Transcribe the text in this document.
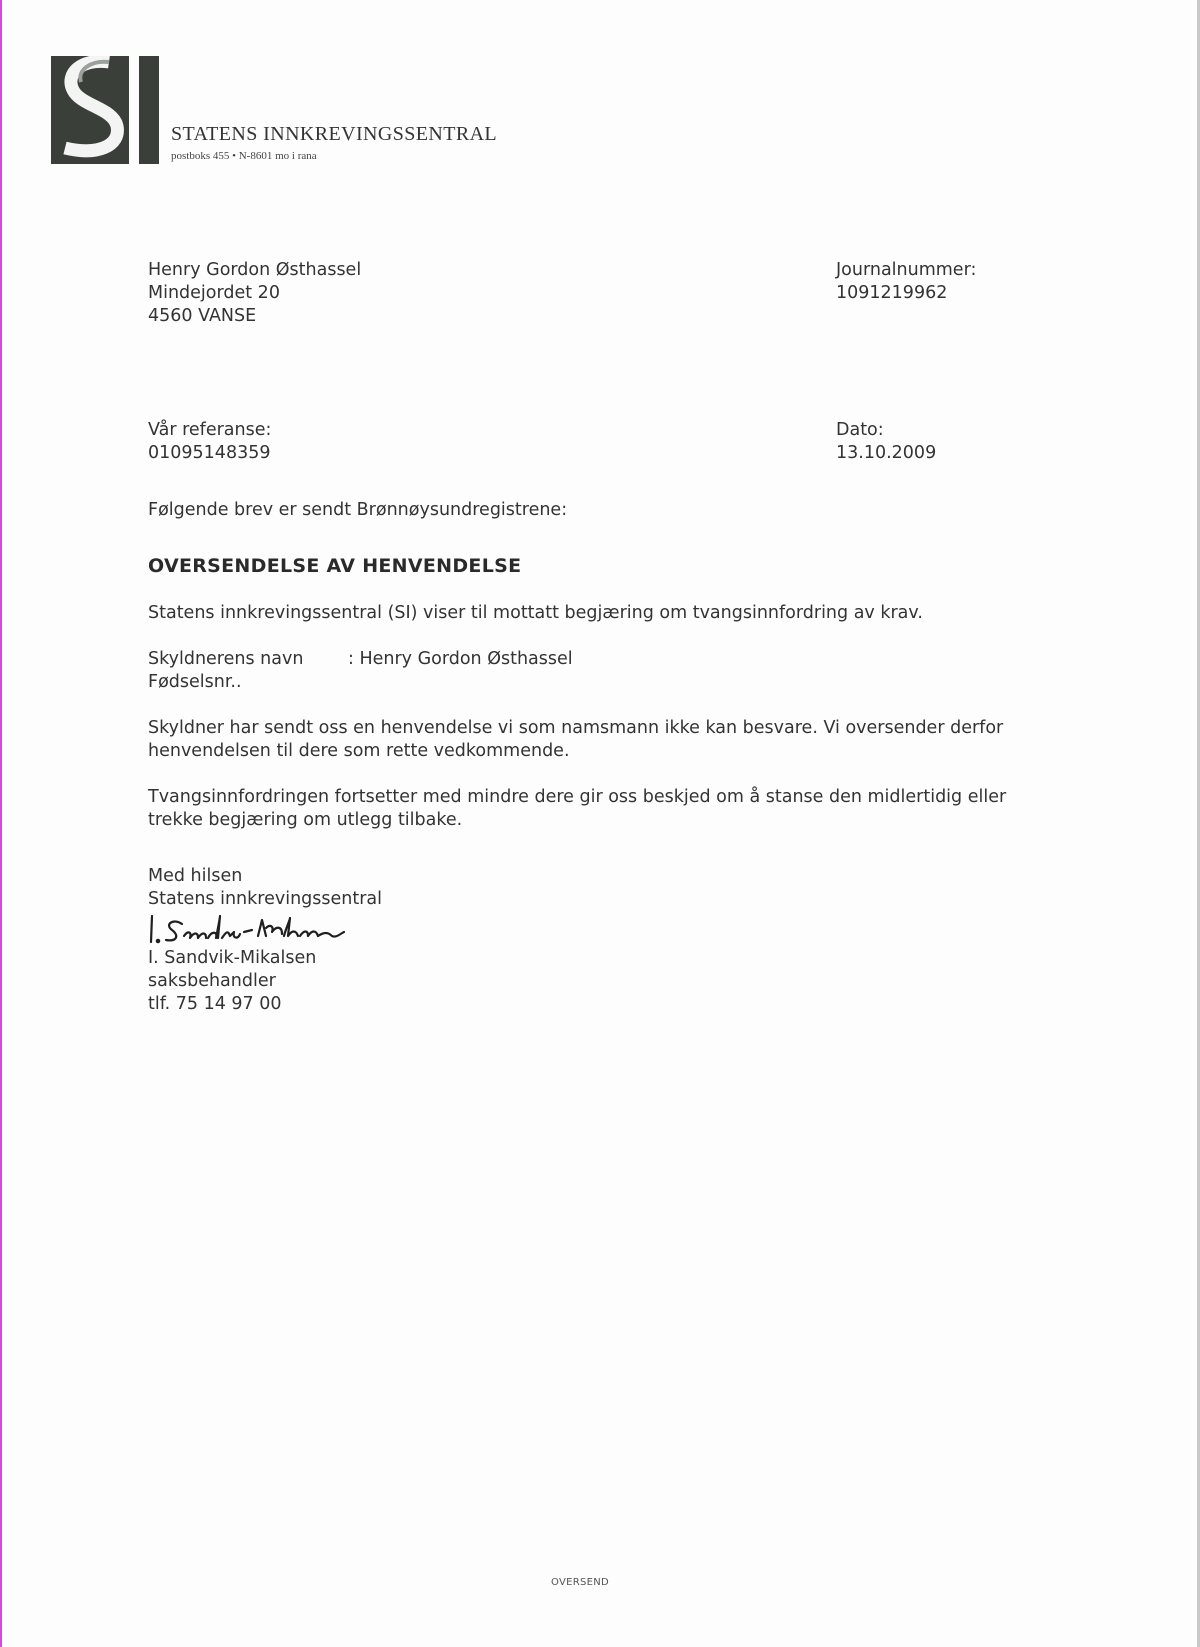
STATENS INNKREVINGSSENTRAL
postboks 455 • N-8601 mo i rana
Henry Gordon Østhassel
Mindejordet 20
4560 VANSE
Journalnummer:
1091219962
Vår referanse:
01095148359
Dato:
13.10.2009
Følgende brev er sendt Brønnøysundregistrene:
OVERSENDELSE AV HENVENDELSE
Statens innkrevingssentral (SI) viser til mottatt begjæring om tvangsinnfordring av krav.
Skyldnerens navn	: Henry Gordon Østhassel
Fødselsnr..
Skyldner har sendt oss en henvendelse vi som namsmann ikke kan besvare. Vi oversender derfor
henvendelsen til dere som rette vedkommende.
Tvangsinnfordringen fortsetter med mindre dere gir oss beskjed om å stanse den midlertidig eller
trekke begjæring om utlegg tilbake.
Med hilsen
Statens innkrevingssentral
I. Sandvik-Mikalsen
saksbehandler
tlf. 75 14 97 00
OVERSEND
